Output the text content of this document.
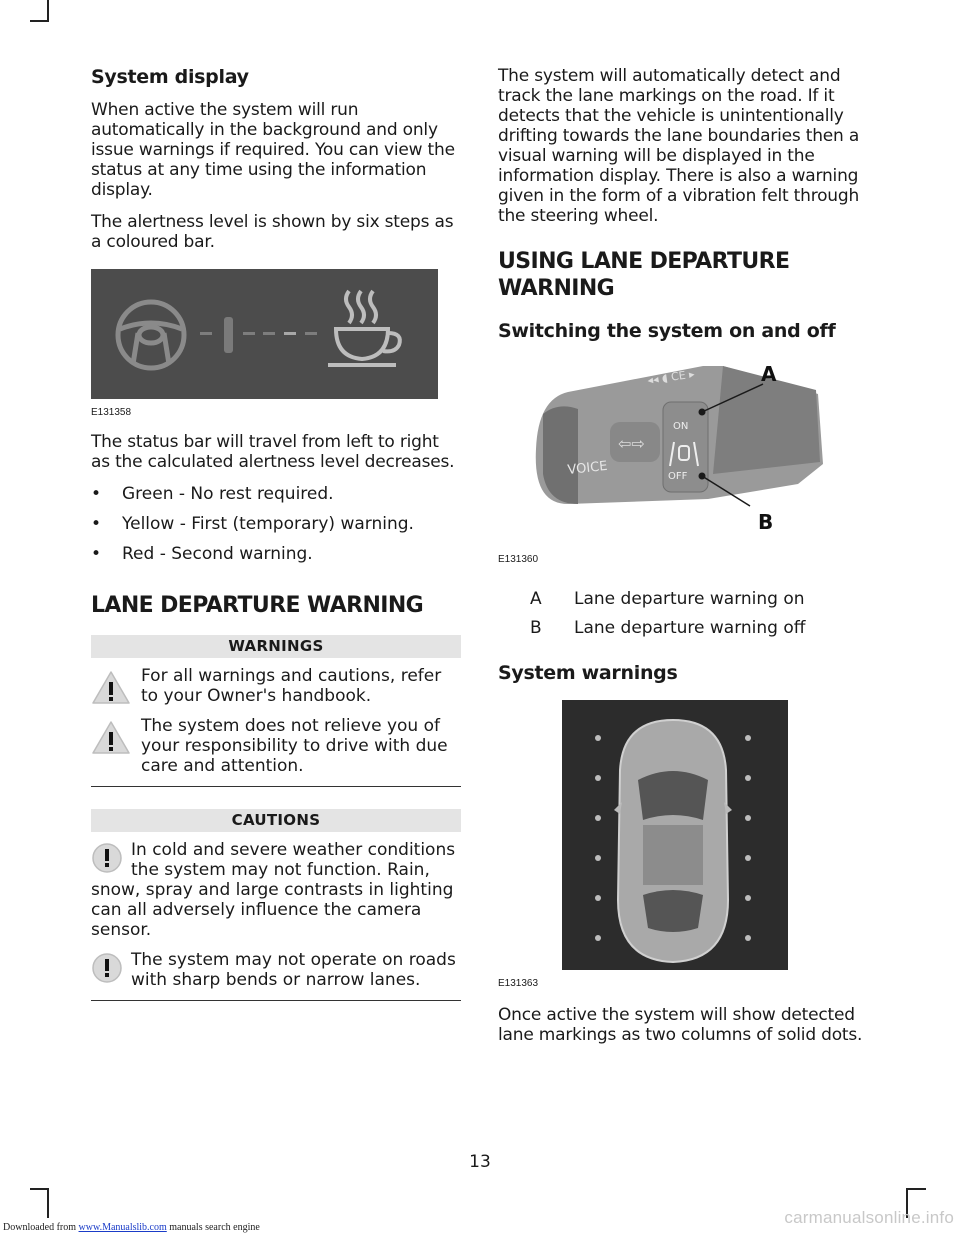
System display

When active the system will run automatically in the background and only issue warnings if required. You can view the status at any time using the information display.

The alertness level is shown by six steps as a coloured bar.

E131358

The status bar will travel from left to right as the calculated alertness level decreases.

• Green - No rest required.
• Yellow - First (temporary) warning.
• Red - Second warning.
LANE DEPARTURE WARNING
WARNINGS
For all warnings and cautions, refer to your Owner's handbook.
The system does not relieve you of your responsibility to drive with due care and attention.
CAUTIONS
In cold and severe weather conditions the system may not function. Rain, snow, spray and large contrasts in lighting can all adversely influence the camera sensor.
The system may not operate on roads with sharp bends or narrow lanes.

The system will automatically detect and track the lane markings on the road. If it detects that the vehicle is unintentionally drifting towards the lane boundaries then a visual warning will be displayed in the information display. There is also a warning given in the form of a vibration felt through the steering wheel.

USING LANE DEPARTURE
WARNING
Switching the system on and off
⇦⇨
VOICE
ON
OFF
◂◂ ◖ CE ▸	A
B
E131360
A	Lane departure warning on
B	Lane departure warning off
System warnings
E131363

Once active the system will show detected lane markings as two columns of solid dots.

13
Downloaded from www.Manualslib.com manuals search engine
carmanualsonline.info
